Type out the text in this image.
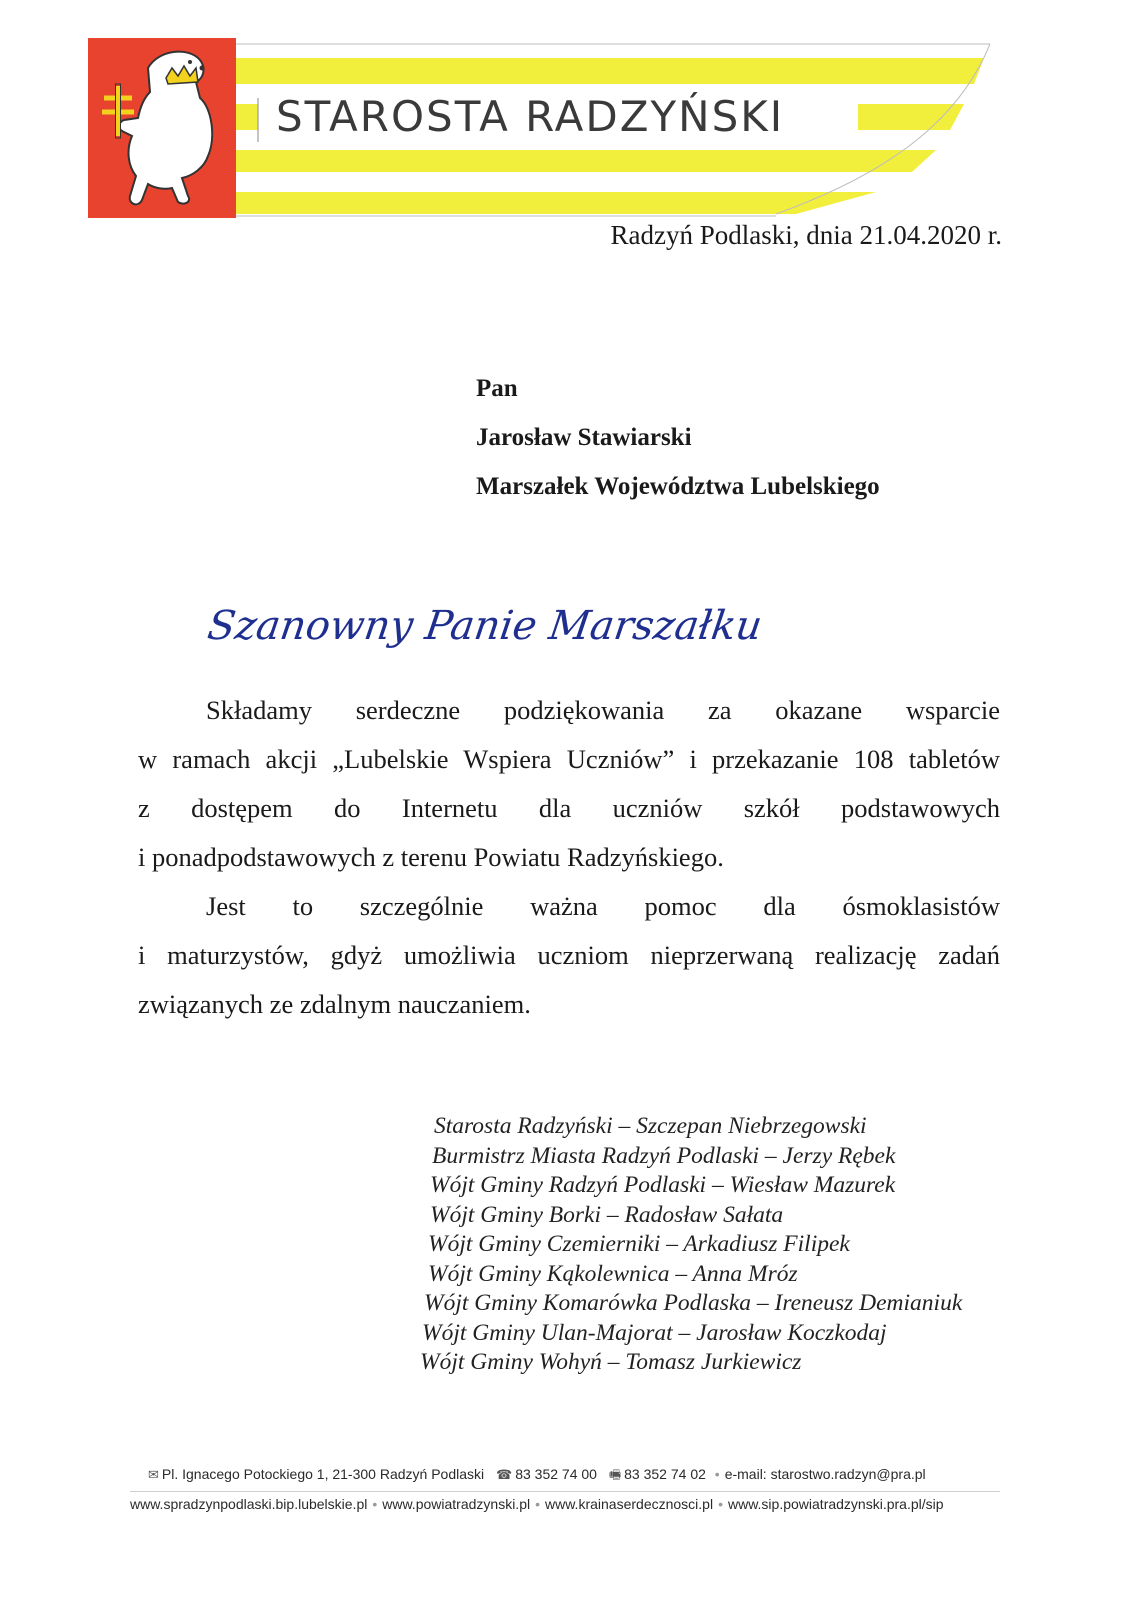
STAROSTA RADZYŃSKI
Radzyń Podlaski, dnia 21.04.2020 r.
Pan
Jarosław Stawiarski
Marszałek Województwa Lubelskiego
Szanowny Panie Marszałku
Składamy serdeczne podziękowania za okazane wsparcie
w ramach akcji „Lubelskie Wspiera Uczniów” i przekazanie 108 tabletów
z dostępem do Internetu dla uczniów szkół podstawowych
i ponadpodstawowych z terenu Powiatu Radzyńskiego.
Jest to szczególnie ważna pomoc dla ósmoklasistów
i maturzystów, gdyż umożliwia uczniom nieprzerwaną realizację zadań
związanych ze zdalnym nauczaniem.
Starosta Radzyński – Szczepan Niebrzegowski
Burmistrz Miasta Radzyń Podlaski – Jerzy Rębek
Wójt Gminy Radzyń Podlaski – Wiesław Mazurek
Wójt Gminy Borki – Radosław Sałata
Wójt Gminy Czemierniki – Arkadiusz Filipek
Wójt Gminy Kąkolewnica – Anna Mróz
Wójt Gminy Komarówka Podlaska – Ireneusz Demianiuk
Wójt Gminy Ulan-Majorat – Jarosław Koczkodaj
Wójt Gminy Wohyń – Tomasz Jurkiewicz
✉ Pl. Ignacego Potockiego 1, 21-300 Radzyń Podlaski ☎ 83 352 74 00 🖷 83 352 74 02 • e-mail: starostwo.radzyn@pra.pl
www.spradzynpodlaski.bip.lubelskie.pl • www.powiatradzynski.pl • www.krainaserdecznosci.pl • www.sip.powiatradzynski.pra.pl/sip
